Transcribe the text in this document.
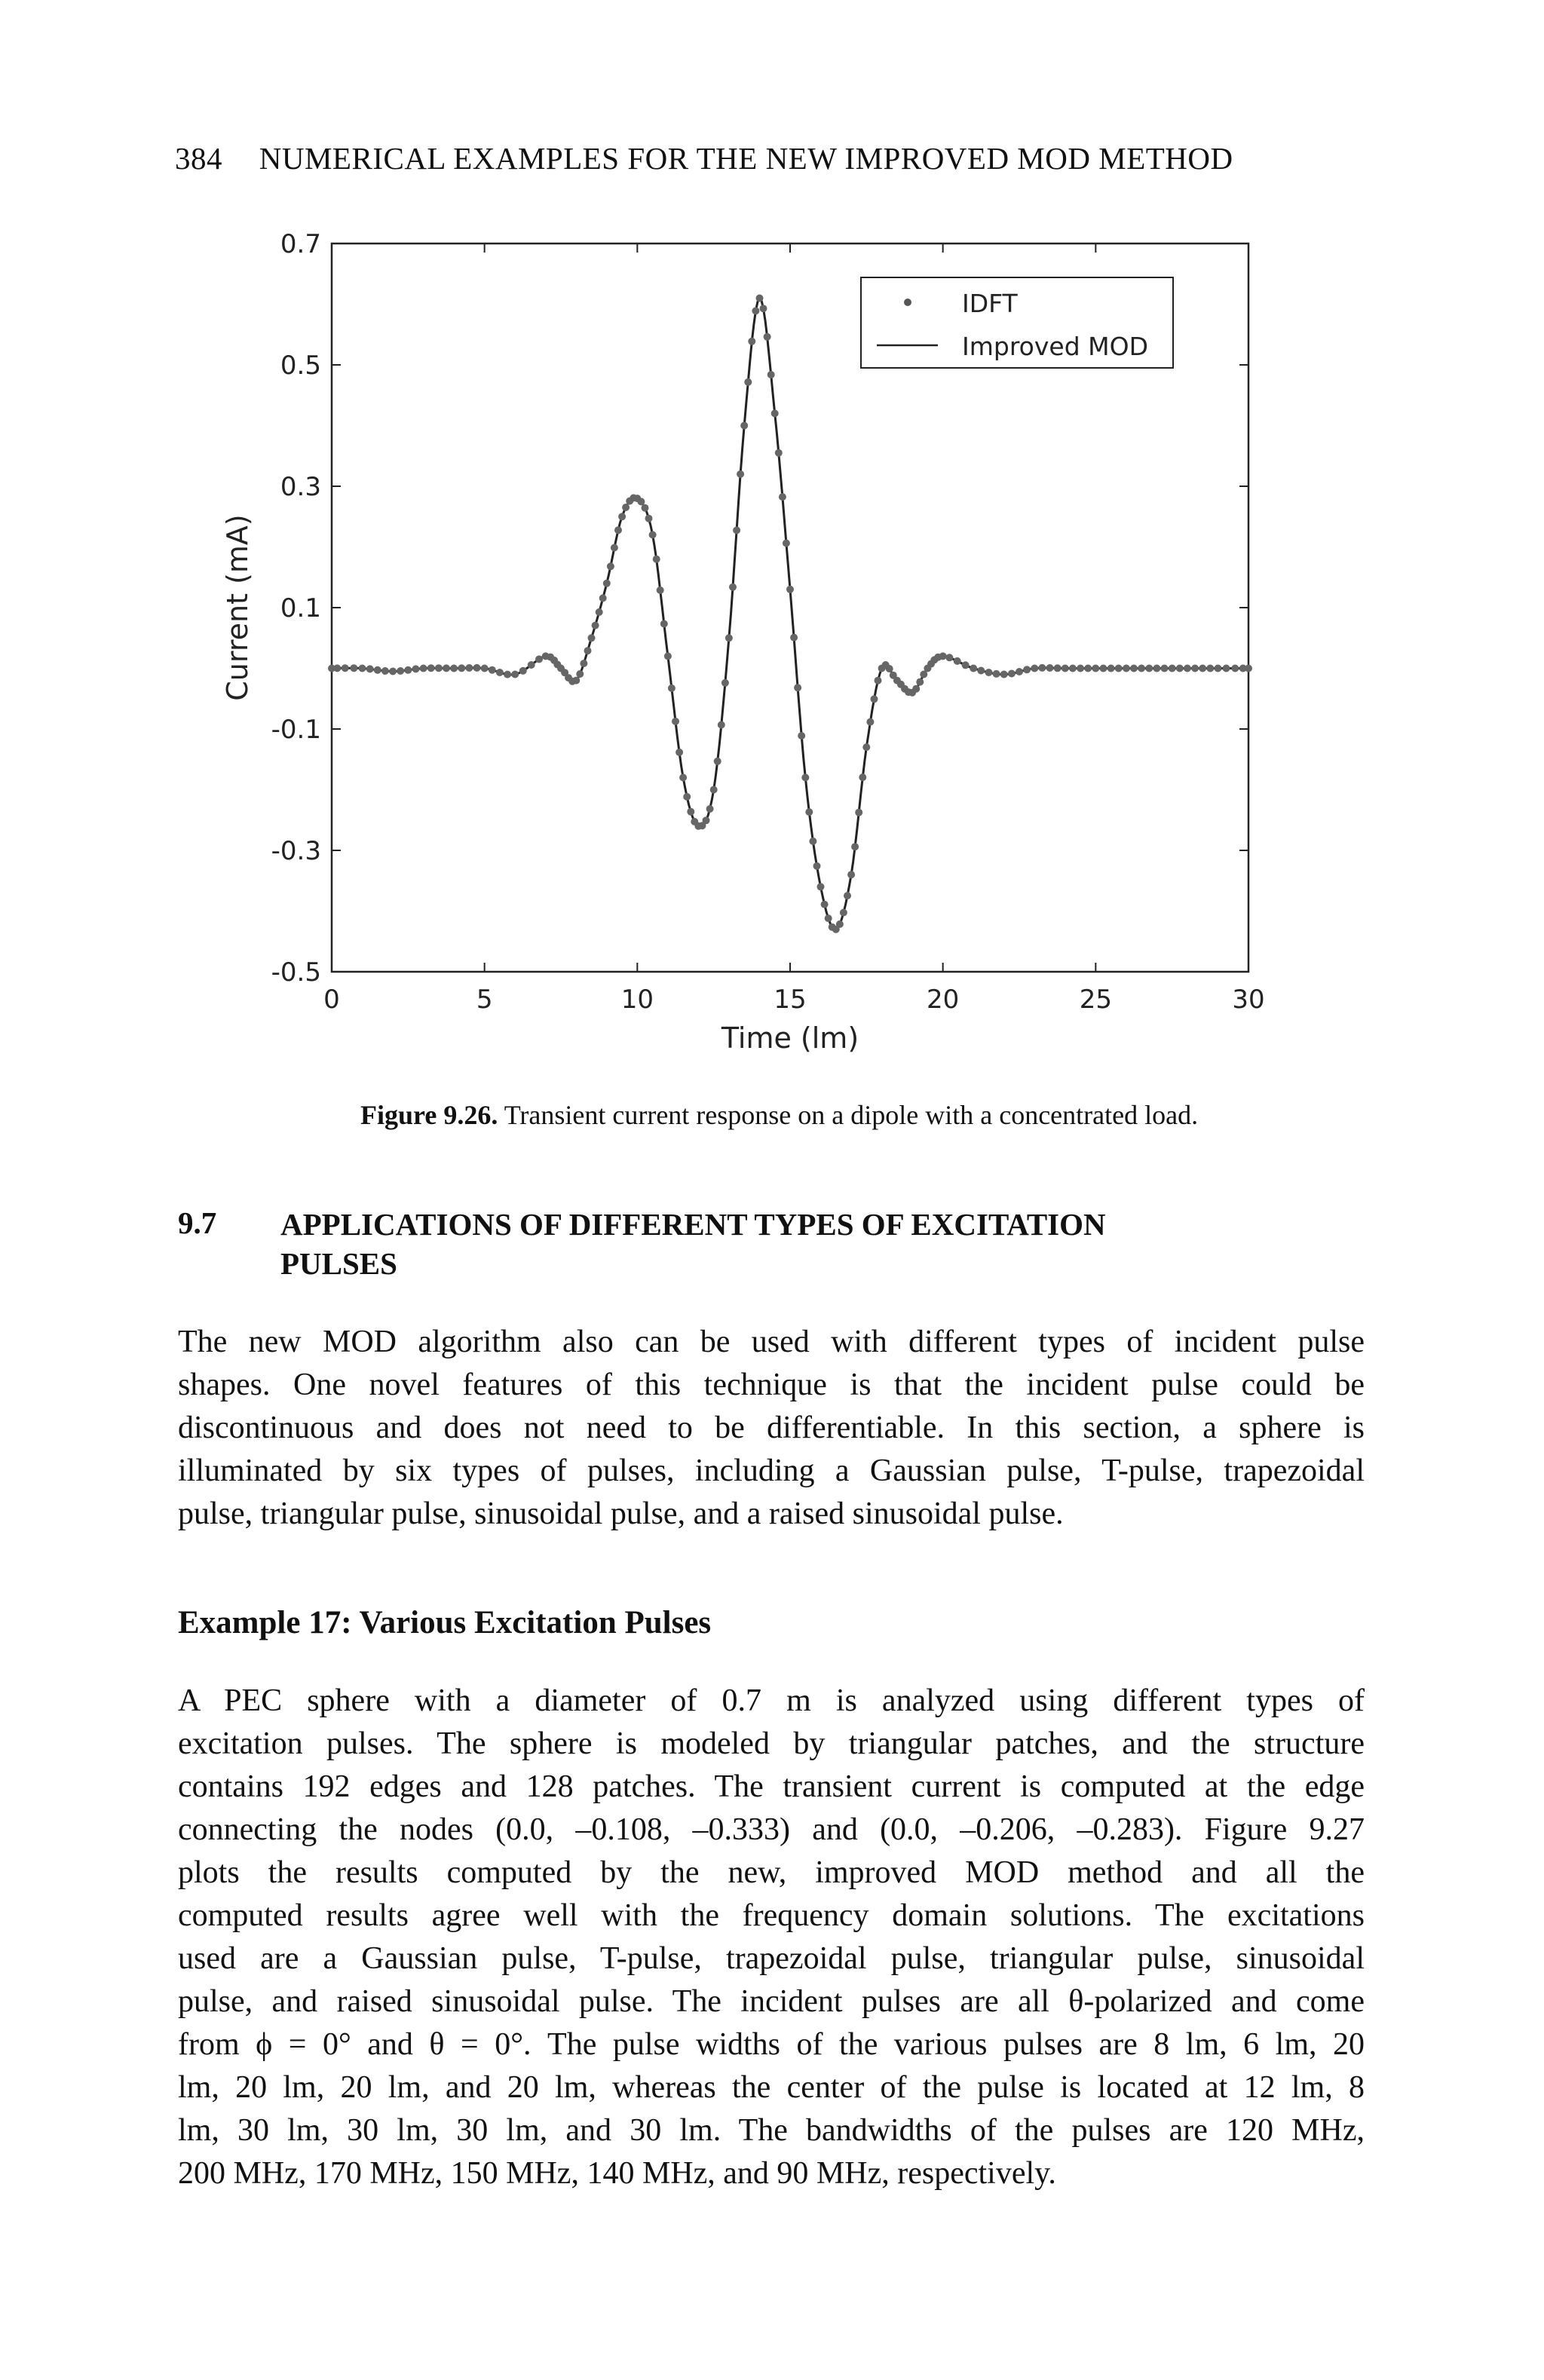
384 NUMERICAL EXAMPLES FOR THE NEW IMPROVED MOD METHOD
0	5	10	15	20	25	30
0.7
0.5
0.3
0.1
-0.1
-0.3
-0.5
IDFT
Improved MOD
Time (lm)
Current (mA)
Figure 9.26. Transient current response on a dipole with a concentrated load.
9.7 APPLICATIONS OF DIFFERENT TYPES OF EXCITATION
PULSES
The new MOD algorithm also can be used with different types of incident pulse
shapes. One novel features of this technique is that the incident pulse could be
discontinuous and does not need to be differentiable. In this section, a sphere is
illuminated by six types of pulses, including a Gaussian pulse, T-pulse, trapezoidal
pulse, triangular pulse, sinusoidal pulse, and a raised sinusoidal pulse.
Example 17: Various Excitation Pulses
A PEC sphere with a diameter of 0.7 m is analyzed using different types of
excitation pulses. The sphere is modeled by triangular patches, and the structure
contains 192 edges and 128 patches. The transient current is computed at the edge
connecting the nodes (0.0, –0.108, –0.333) and (0.0, –0.206, –0.283). Figure 9.27
plots the results computed by the new, improved MOD method and all the
computed results agree well with the frequency domain solutions. The excitations
used are a Gaussian pulse, T-pulse, trapezoidal pulse, triangular pulse, sinusoidal
pulse, and raised sinusoidal pulse. The incident pulses are all θ-polarized and come
from ϕ = 0° and θ = 0°. The pulse widths of the various pulses are 8 lm, 6 lm, 20
lm, 20 lm, 20 lm, and 20 lm, whereas the center of the pulse is located at 12 lm, 8
lm, 30 lm, 30 lm, 30 lm, and 30 lm. The bandwidths of the pulses are 120 MHz,
200 MHz, 170 MHz, 150 MHz, 140 MHz, and 90 MHz, respectively.
